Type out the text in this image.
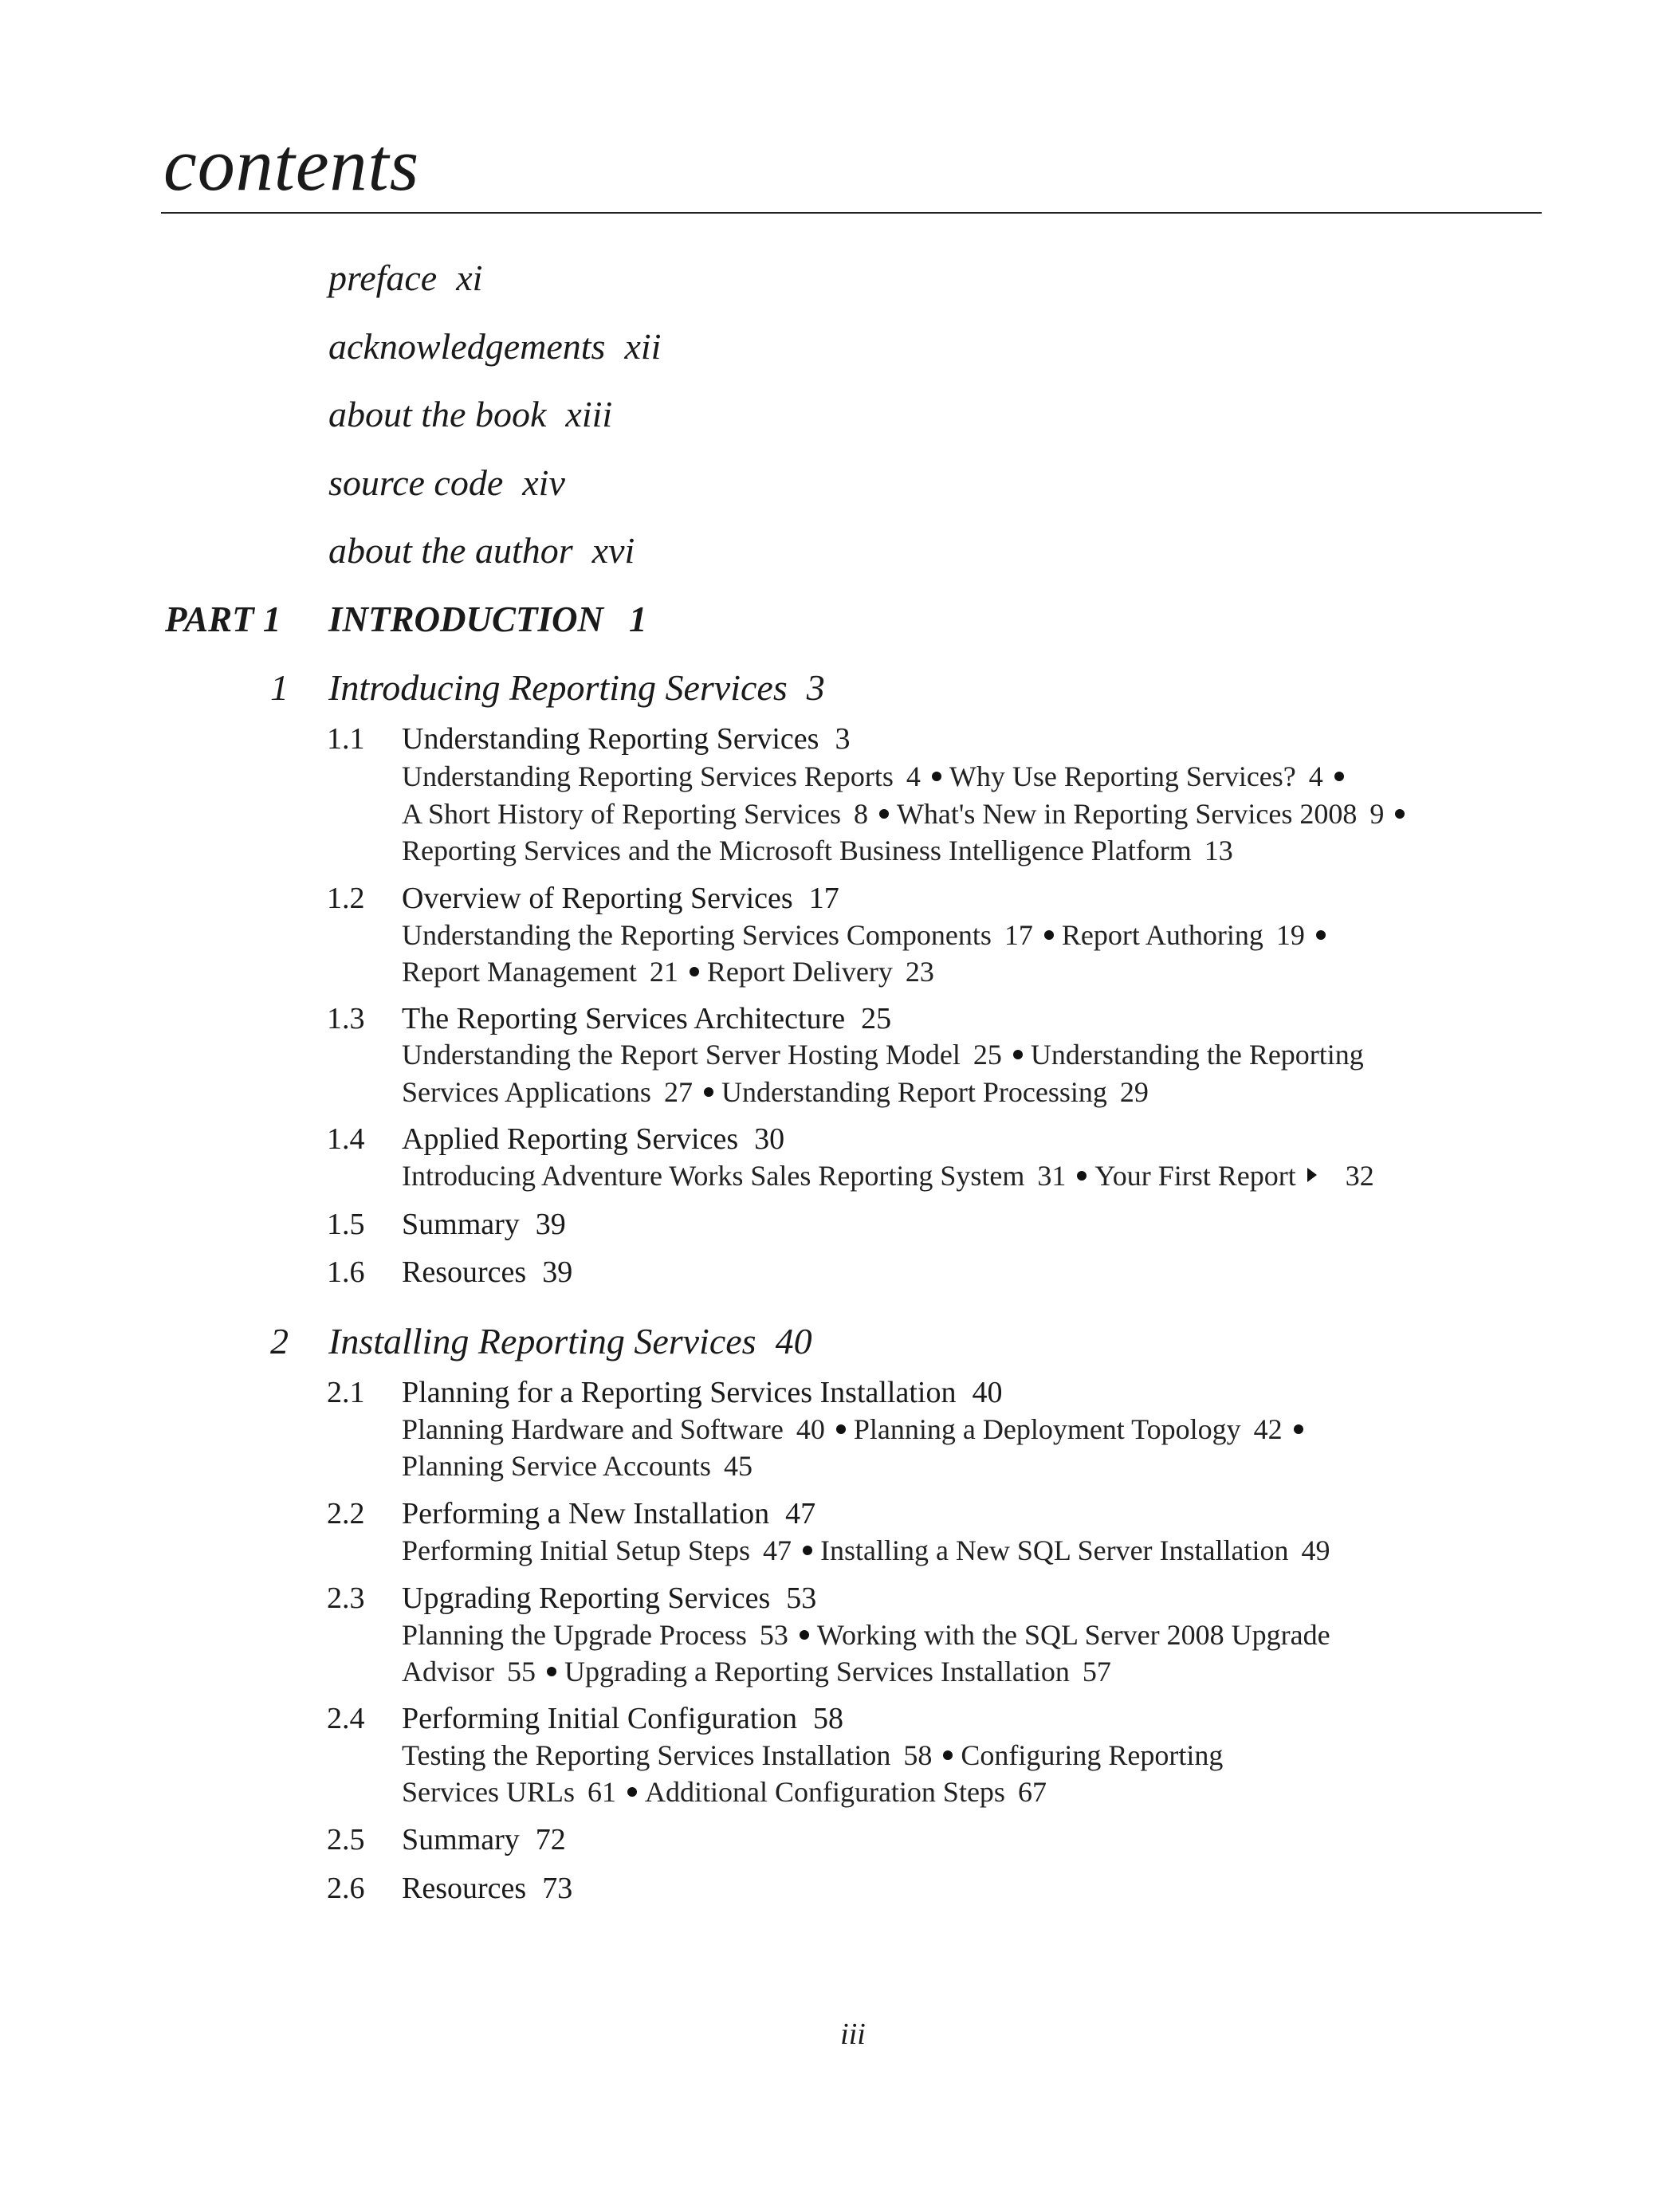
contents
preface xi
acknowledgements xii
about the book xiii
source code xiv
about the author xvi
PART 1 INTRODUCTION 1
1 Introducing Reporting Services 3
1.1 Understanding Reporting Services 3
Understanding Reporting Services Reports 4 Why Use Reporting Services? 4
A Short History of Reporting Services 8 What's New in Reporting Services 2008 9
Reporting Services and the Microsoft Business Intelligence Platform 13
1.2 Overview of Reporting Services 17
Understanding the Reporting Services Components 17 Report Authoring 19
Report Management 21 Report Delivery 23
1.3 The Reporting Services Architecture 25
Understanding the Report Server Hosting Model 25 Understanding the Reporting
Services Applications 27 Understanding Report Processing 29
1.4 Applied Reporting Services 30
Introducing Adventure Works Sales Reporting System 31 Your First Report 32
1.5 Summary 39
1.6 Resources 39
2 Installing Reporting Services 40
2.1 Planning for a Reporting Services Installation 40
Planning Hardware and Software 40 Planning a Deployment Topology 42
Planning Service Accounts 45
2.2 Performing a New Installation 47
Performing Initial Setup Steps 47 Installing a New SQL Server Installation 49
2.3 Upgrading Reporting Services 53
Planning the Upgrade Process 53 Working with the SQL Server 2008 Upgrade
Advisor 55 Upgrading a Reporting Services Installation 57
2.4 Performing Initial Configuration 58
Testing the Reporting Services Installation 58 Configuring Reporting
Services URLs 61 Additional Configuration Steps 67
2.5 Summary 72
2.6 Resources 73
iii
